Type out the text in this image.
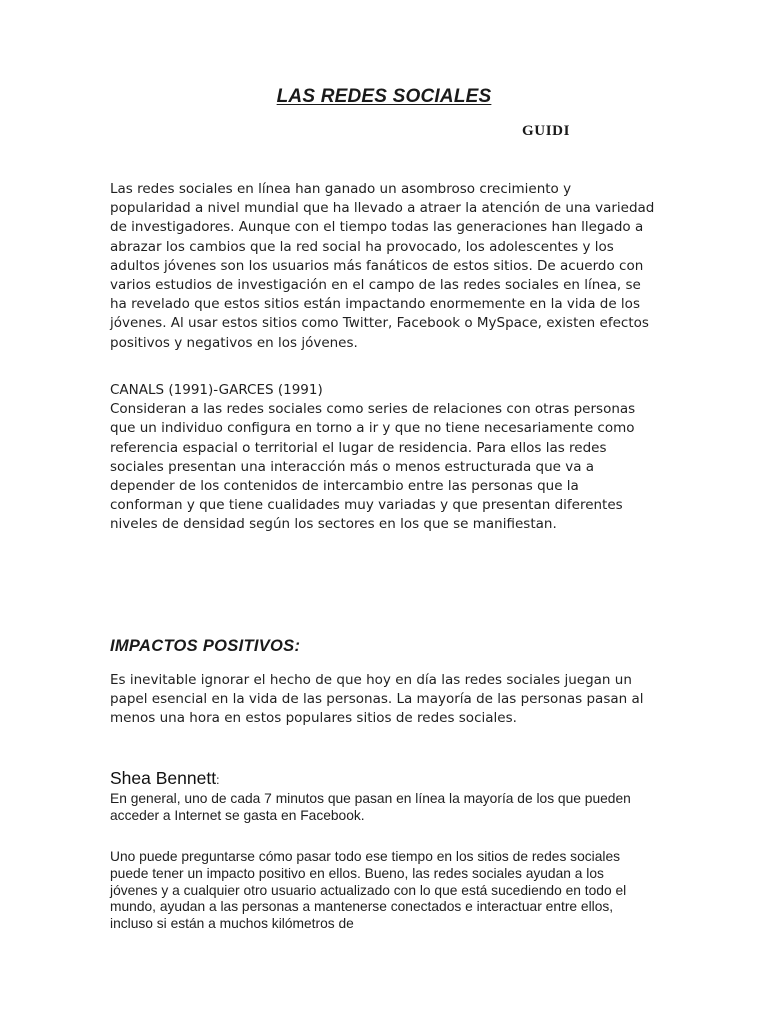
LAS REDES SOCIALES
GUIDI

Las redes sociales en línea han ganado un asombroso crecimiento y popularidad a nivel mundial que ha llevado a atraer la atención de una variedad de investigadores. Aunque con el tiempo todas las generaciones han llegado a abrazar los cambios que la red social ha provocado, los adolescentes y los adultos jóvenes son los usuarios más fanáticos de estos sitios. De acuerdo con varios estudios de investigación en el campo de las redes sociales en línea, se ha revelado que estos sitios están impactando enormemente en la vida de los jóvenes. Al usar estos sitios como Twitter, Facebook o MySpace, existen efectos positivos y negativos en los jóvenes.

CANALS (1991)-GARCES (1991)

Consideran a las redes sociales como series de relaciones con otras personas que un individuo configura en torno a ir y que no tiene necesariamente como referencia espacial o territorial el lugar de residencia. Para ellos las redes sociales presentan una interacción más o menos estructurada que va a depender de los contenidos de intercambio entre las personas que la conforman y que tiene cualidades muy variadas y que presentan diferentes niveles de densidad según los sectores en los que se manifiestan.

IMPACTOS POSITIVOS:

Es inevitable ignorar el hecho de que hoy en día las redes sociales juegan un papel esencial en la vida de las personas. La mayoría de las personas pasan al menos una hora en estos populares sitios de redes sociales.

Shea Bennett:

En general, uno de cada 7 minutos que pasan en línea la mayoría de los que pueden acceder a Internet se gasta en Facebook.

Uno puede preguntarse cómo pasar todo ese tiempo en los sitios de redes sociales puede tener un impacto positivo en ellos. Bueno, las redes sociales ayudan a los jóvenes y a cualquier otro usuario actualizado con lo que está sucediendo en todo el mundo, ayudan a las personas a mantenerse conectados e interactuar entre ellos, incluso si están a muchos kilómetros de
